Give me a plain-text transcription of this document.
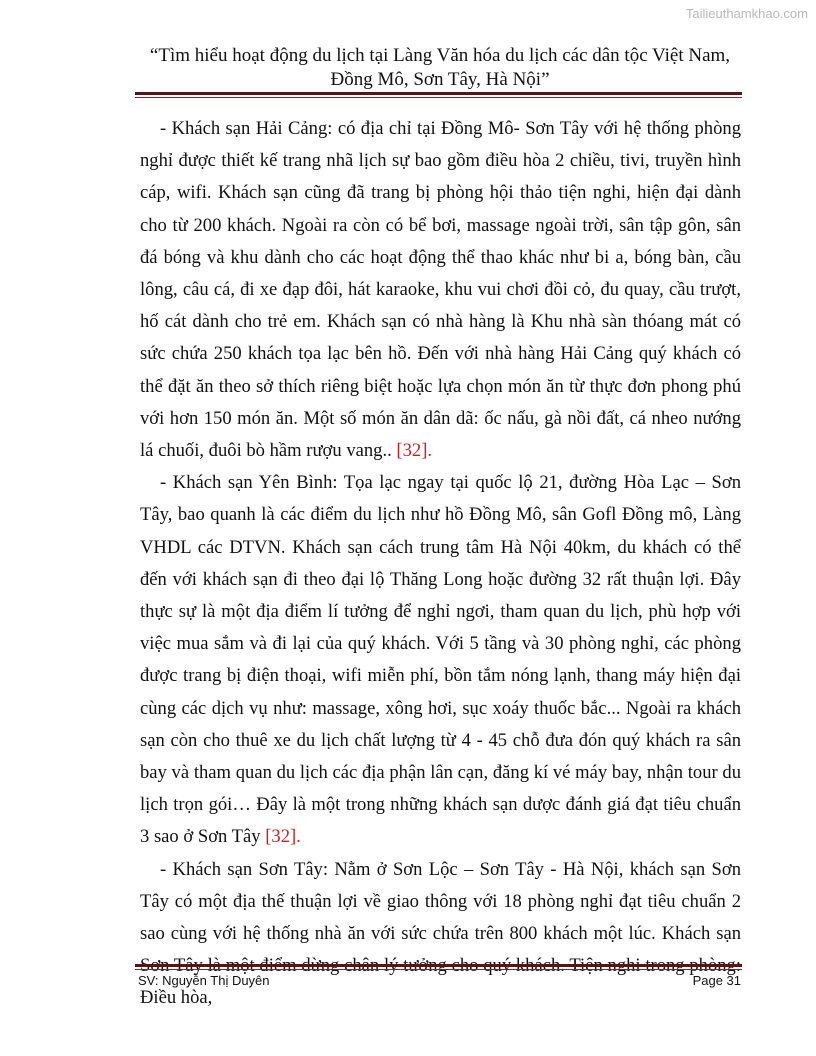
Tailieuthamkhao.com
“Tìm hiểu hoạt động du lịch tại Làng Văn hóa du lịch các dân tộc Việt Nam,
Đồng Mô, Sơn Tây, Hà Nội”

- Khách sạn Hải Cảng: có địa chỉ tại Đồng Mô- Sơn Tây với hệ thống phòng nghỉ được thiết kế trang nhã lịch sự bao gồm điều hòa 2 chiều, tivi, truyền hình cáp, wifi. Khách sạn cũng đã trang bị phòng hội thảo tiện nghi, hiện đại dành cho từ 200 khách. Ngoài ra còn có bể bơi, massage ngoài trời, sân tập gôn, sân đá bóng và khu dành cho các hoạt động thể thao khác như bi a, bóng bàn, cầu lông, câu cá, đi xe đạp đôi, hát karaoke, khu vui chơi đồi cỏ, đu quay, cầu trượt, hố cát dành cho trẻ em. Khách sạn có nhà hàng là Khu nhà sàn thóang mát có sức chứa 250 khách tọa lạc bên hồ. Đến với nhà hàng Hải Cảng quý khách có thể đặt ăn theo sở thích riêng biệt hoặc lựa chọn món ăn từ thực đơn phong phú với hơn 150 món ăn. Một số món ăn dân dã: ốc nấu, gà nồi đất, cá nheo nướng lá chuối, đuôi bò hầm rượu vang.. [32].

- Khách sạn Yên Bình: Tọa lạc ngay tại quốc lộ 21, đường Hòa Lạc – Sơn Tây, bao quanh là các điểm du lịch như hồ Đồng Mô, sân Gofl Đồng mô, Làng VHDL các DTVN. Khách sạn cách trung tâm Hà Nội 40km, du khách có thể đến với khách sạn đi theo đại lộ Thăng Long hoặc đường 32 rất thuận lợi. Đây thực sự là một địa điểm lí tưởng để nghỉ ngơi, tham quan du lịch, phù hợp với việc mua sắm và đi lại của quý khách. Với 5 tầng và 30 phòng nghỉ, các phòng được trang bị điện thoại, wifi miễn phí, bồn tắm nóng lạnh, thang máy hiện đại cùng các dịch vụ như: massage, xông hơi, sục xoáy thuốc bắc... Ngoài ra khách sạn còn cho thuê xe du lịch chất lượng từ 4 - 45 chỗ đưa đón quý khách ra sân bay và tham quan du lịch các địa phận lân cạn, đăng kí vé máy bay, nhận tour du lịch trọn gói… Đây là một trong những khách sạn dược đánh giá đạt tiêu chuẩn 3 sao ở Sơn Tây [32].

- Khách sạn Sơn Tây: Nằm ở Sơn Lộc – Sơn Tây - Hà Nội, khách sạn Sơn Tây có một địa thế thuận lợi về giao thông với 18 phòng nghỉ đạt tiêu chuẩn 2 sao cùng với hệ thống nhà ăn với sức chứa trên 800 khách một lúc. Khách sạn Điều hòa,

SV: Nguyễn Thị Duyên	Page 31
